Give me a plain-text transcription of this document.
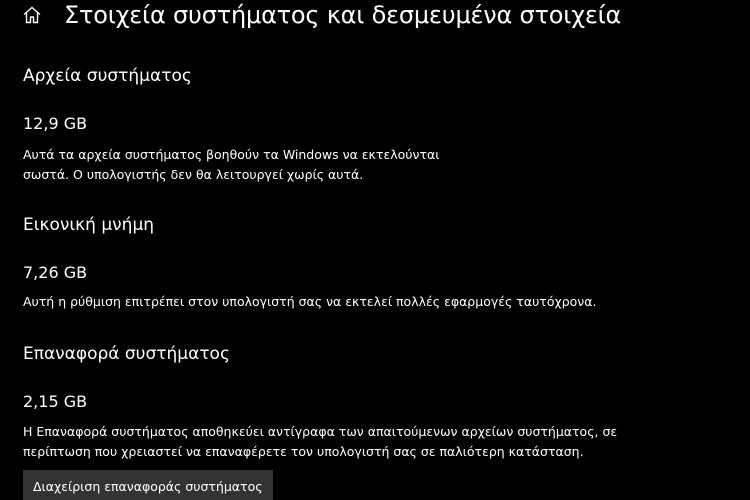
Στοιχεία συστήματος και δεσμευμένα στοιχεία
Αρχεία συστήματος
12,9 GB
Αυτά τα αρχεία συστήματος βοηθούν τα Windows να εκτελούνται
σωστά. Ο υπολογιστής δεν θα λειτουργεί χωρίς αυτά.
Εικονική μνήμη
7,26 GB
Αυτή η ρύθμιση επιτρέπει στον υπολογιστή σας να εκτελεί πολλές εφαρμογές ταυτόχρονα.
Επαναφορά συστήματος
2,15 GB
Η Επαναφορά συστήματος αποθηκεύει αντίγραφα των απαιτούμενων αρχείων συστήματος, σε
περίπτωση που χρειαστεί να επαναφέρετε τον υπολογιστή σας σε παλιότερη κατάσταση.
Διαχείριση επαναφοράς συστήματος
